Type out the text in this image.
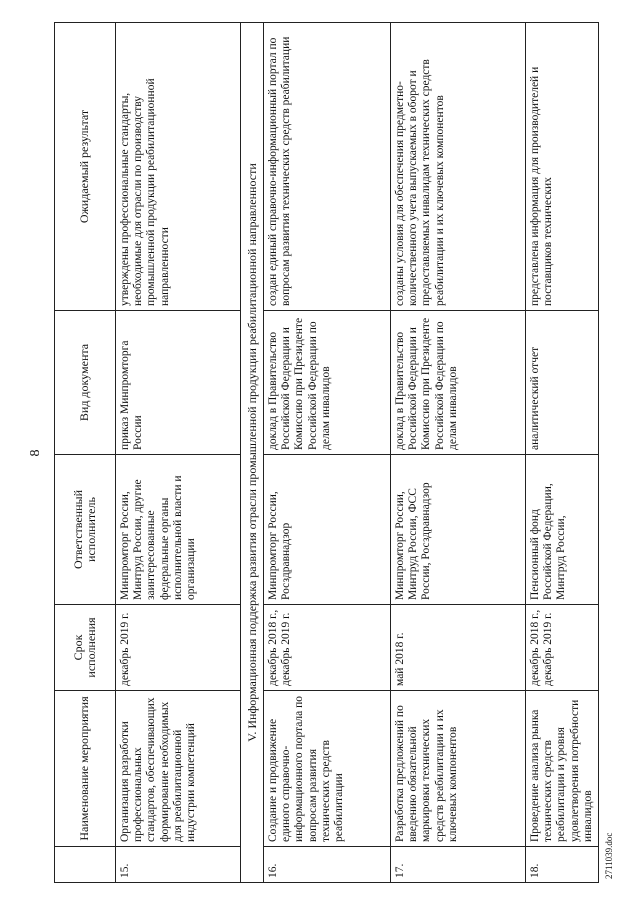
8
	Наименование мероприятия	Срок исполнения	Ответственный исполнитель	Вид документа	Ожидаемый результат
15.	Организация разработки профессиональных стандартов, обеспечивающих формирование необходимых для реабилитационной индустрии компетенций	декабрь 2019 г.	Минпромторг России, Минтруд России, другие заинтересованные федеральные органы исполнительной власти и организации	приказ Минпромторга России	утверждены профессиональные стандарты, необходимые для отрасли по производству промышленной продукции реабилитационной направленности
V. Информационная поддержка развития отрасли промышленной продукции реабилитационной направленности					
16.	Создание и продвижение единого справочно-информационного портала по вопросам развития технических средств реабилитации	декабрь 2018 г., декабрь 2019 г.	Минпромторг России, Росздравнадзор	доклад в Правительство Российской Федерации и Комиссию при Президенте Российской Федерации по делам инвалидов	создан единый справочно-информационный портал по вопросам развития технических средств реабилитации
17.	Разработка предложений по введению обязательной маркировки технических средств реабилитации и их ключевых компонентов	май 2018 г.	Минпромторг России, Минтруд России, ФСС России, Росздравнадзор	доклад в Правительство Российской Федерации и Комиссию при Президенте Российской Федерации по делам инвалидов	созданы условия для обеспечения предметно-количественного учета выпускаемых в оборот и предоставляемых инвалидам технических средств реабилитации и их ключевых компонентов
18.	Проведение анализа рынка технических средств реабилитации и уровня удовлетворения потребности инвалидов	декабрь 2018 г., декабрь 2019 г.	Пенсионный фонд Российской Федерации, Минтруд России,	аналитический отчет	представлена информация для производителей и поставщиков технических
2711039.doc
